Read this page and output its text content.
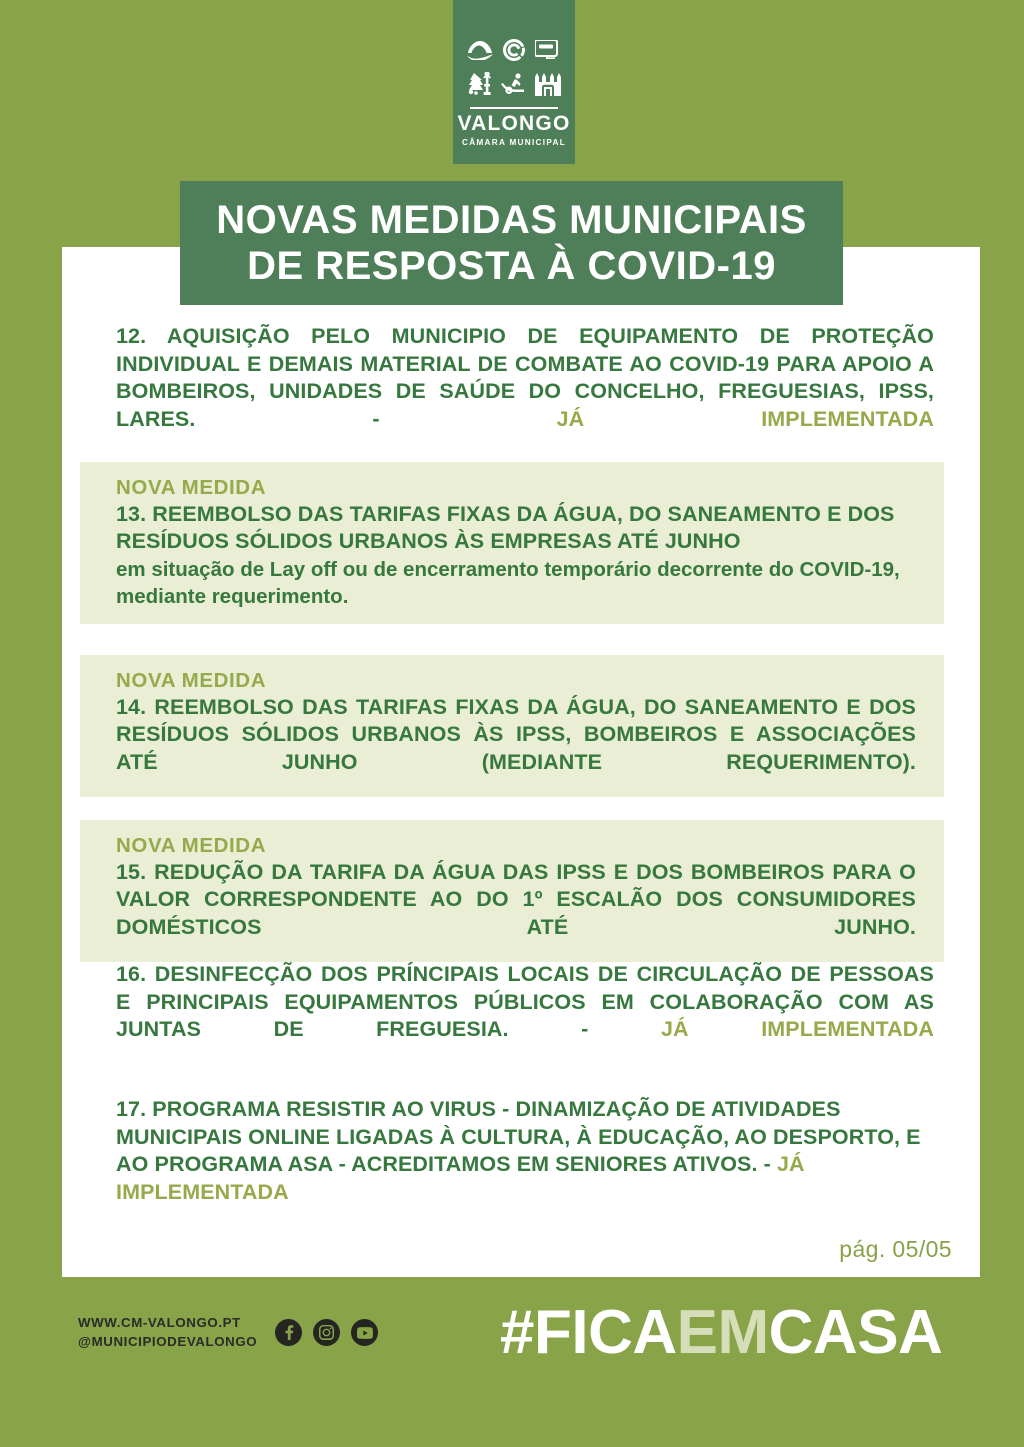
VALONGO
CÂMARA MUNICIPAL
12. AQUISIÇÃO PELO MUNICIPIO DE EQUIPAMENTO DE PROTEÇÃO INDIVIDUAL E DEMAIS MATERIAL DE COMBATE AO COVID-19 PARA APOIO A BOMBEIROS, UNIDADES DE SAÚDE DO CONCELHO, FREGUESIAS, IPSS, LARES. - JÁ IMPLEMENTADA
NOVA MEDIDA
13. REEMBOLSO DAS TARIFAS FIXAS DA ÁGUA, DO SANEAMENTO E DOS RESÍDUOS SÓLIDOS URBANOS ÀS EMPRESAS ATÉ JUNHO
em situação de Lay off ou de encerramento temporário decorrente do COVID-19, mediante requerimento.
NOVA MEDIDA
14. REEMBOLSO DAS TARIFAS FIXAS DA ÁGUA, DO SANEAMENTO E DOS RESÍDUOS SÓLIDOS URBANOS ÀS IPSS, BOMBEIROS E ASSOCIAÇÕES ATÉ JUNHO (MEDIANTE REQUERIMENTO).
NOVA MEDIDA
15. REDUÇÃO DA TARIFA DA ÁGUA DAS IPSS E DOS BOMBEIROS PARA O VALOR CORRESPONDENTE AO DO 1º ESCALÃO DOS CONSUMIDORES DOMÉSTICOS ATÉ JUNHO.
16. DESINFECÇÃO DOS PRÍNCIPAIS LOCAIS DE CIRCULAÇÃO DE PESSOAS E PRINCIPAIS EQUIPAMENTOS PÚBLICOS EM COLABORAÇÃO COM AS JUNTAS DE FREGUESIA. - JÁ IMPLEMENTADA
17. PROGRAMA RESISTIR AO VIRUS - DINAMIZAÇÃO DE ATIVIDADES MUNICIPAIS ONLINE LIGADAS À CULTURA, À EDUCAÇÃO, AO DESPORTO, E AO PROGRAMA ASA - ACREDITAMOS EM SENIORES ATIVOS. - JÁ IMPLEMENTADA
pág. 05/05
NOVAS MEDIDAS MUNICIPAIS
DE RESPOSTA À COVID-19
WWW.CM-VALONGO.PT
@MUNICIPIODEVALONGO	#FICAEMCASA
